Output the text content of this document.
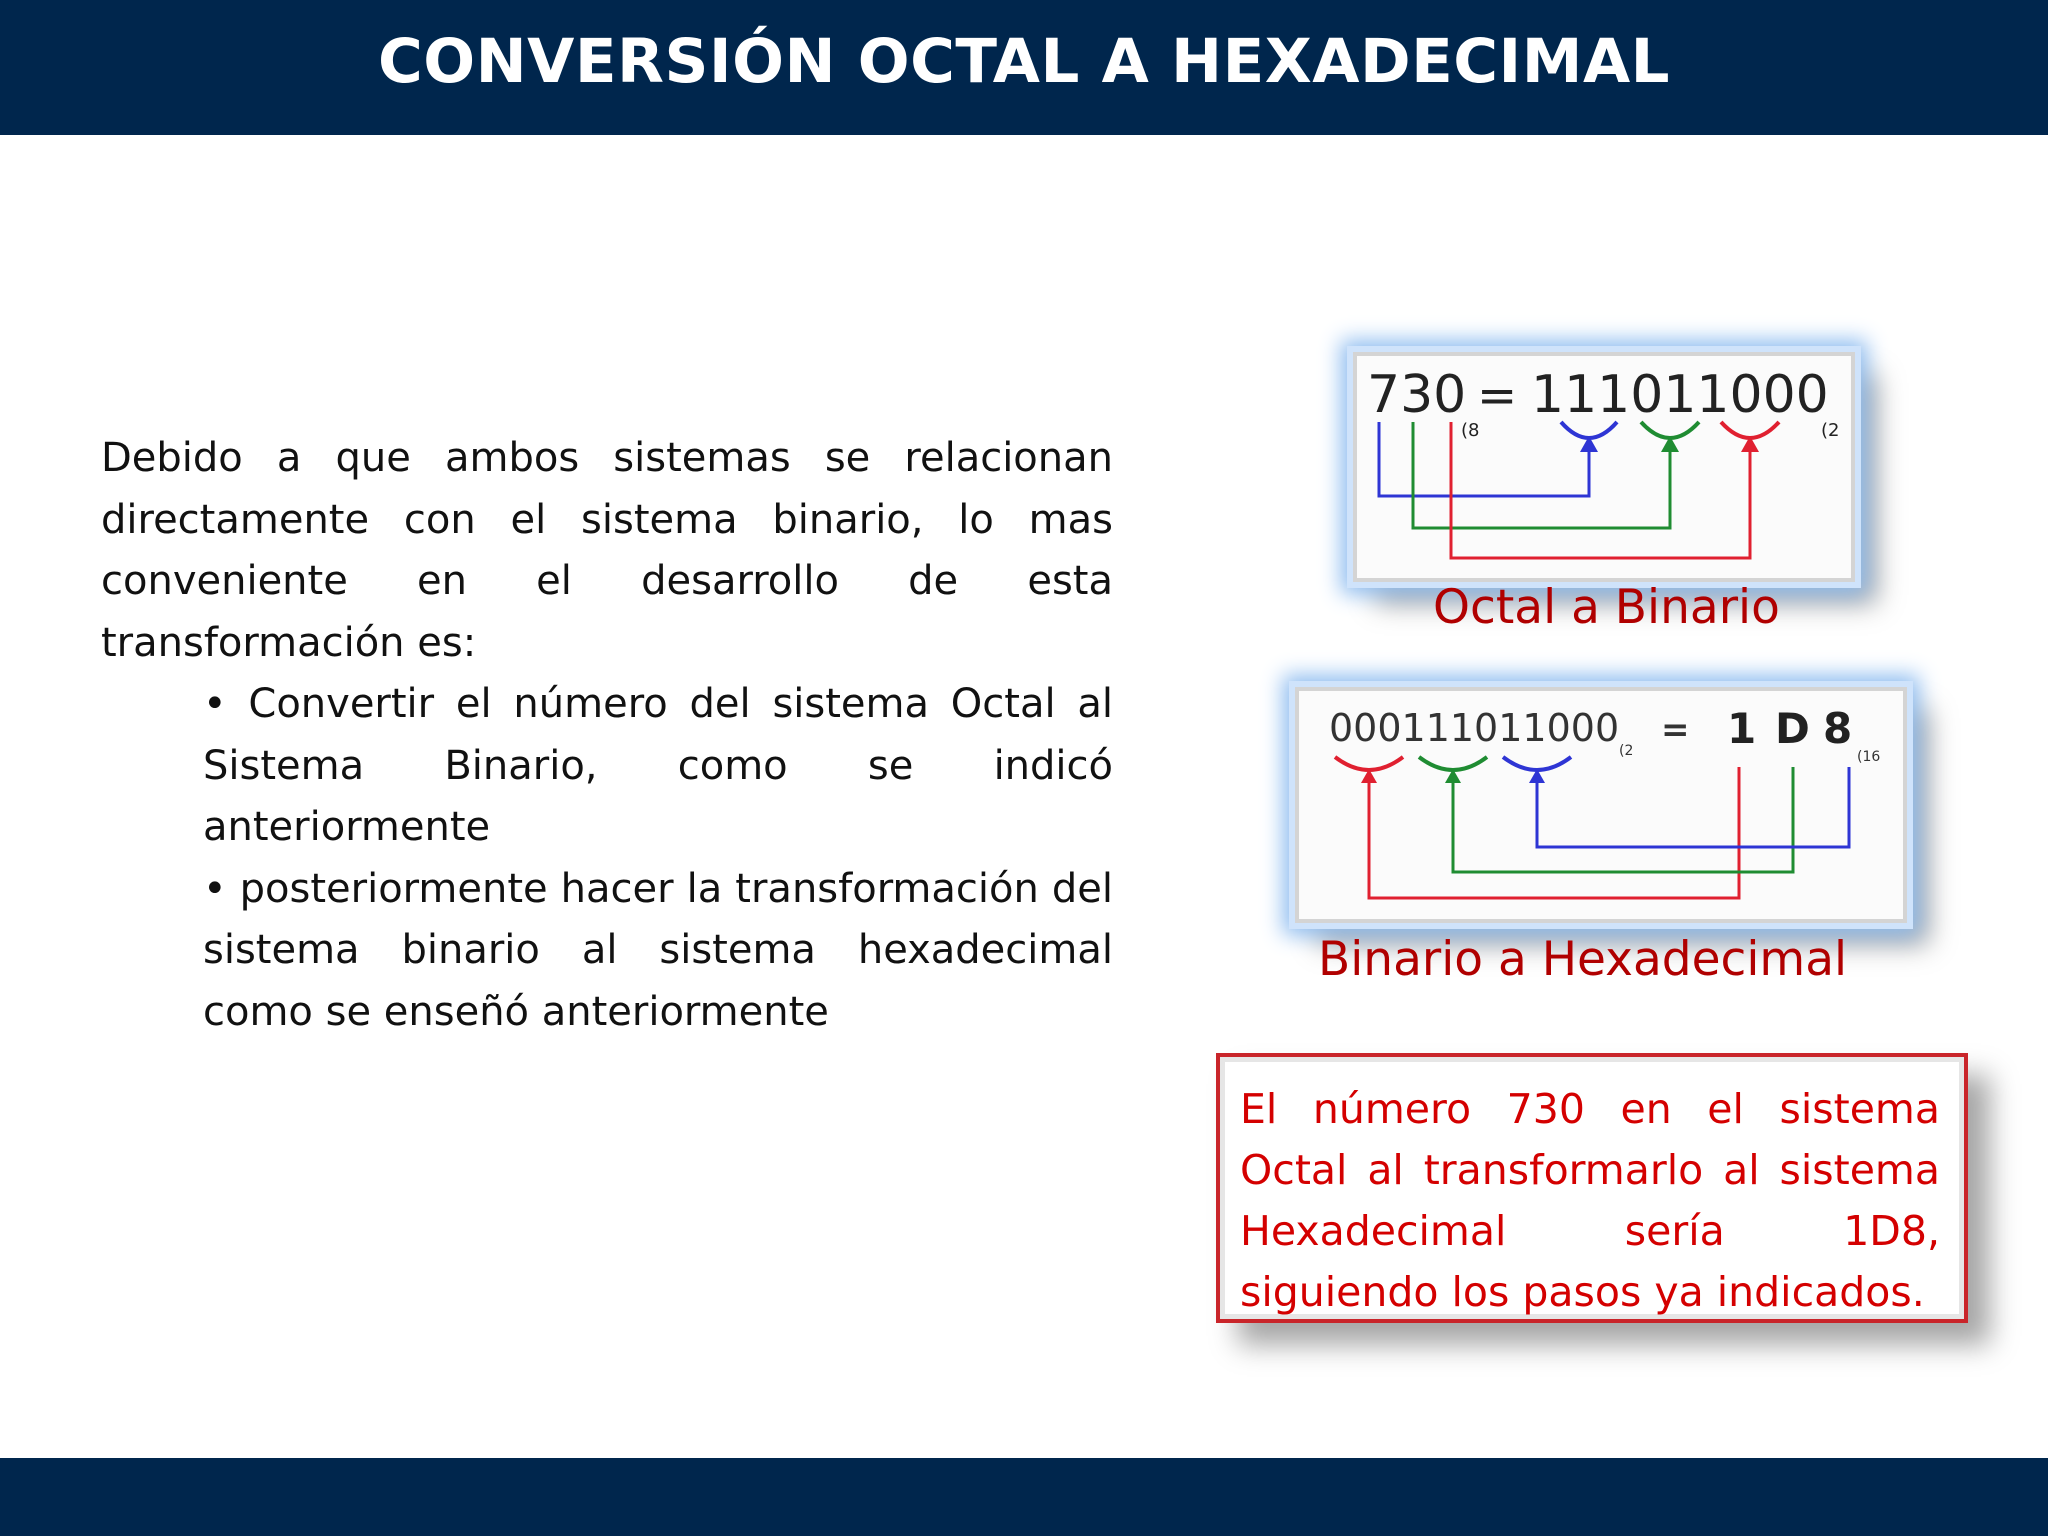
CONVERSIÓN OCTAL A HEXADECIMAL

Debido a que ambos sistemas se relacionan directamente con el sistema binario, lo mas conveniente en el desarrollo de esta transformación es:

• Convertir el número del sistema Octal al Sistema Binario, como se indicó anteriormente
• posteriormente hacer la transformación del sistema binario al sistema hexadecimal como se enseñó anteriormente
730 = 111011000
(8	(2
Octal a Binario
000111011000
(2
= 1 D 8
(16
Binario a Hexadecimal
El número 730 en el sistema Octal al transformarlo al sistema Hexadecimal sería 1D8, siguiendo los pasos ya indicados.
